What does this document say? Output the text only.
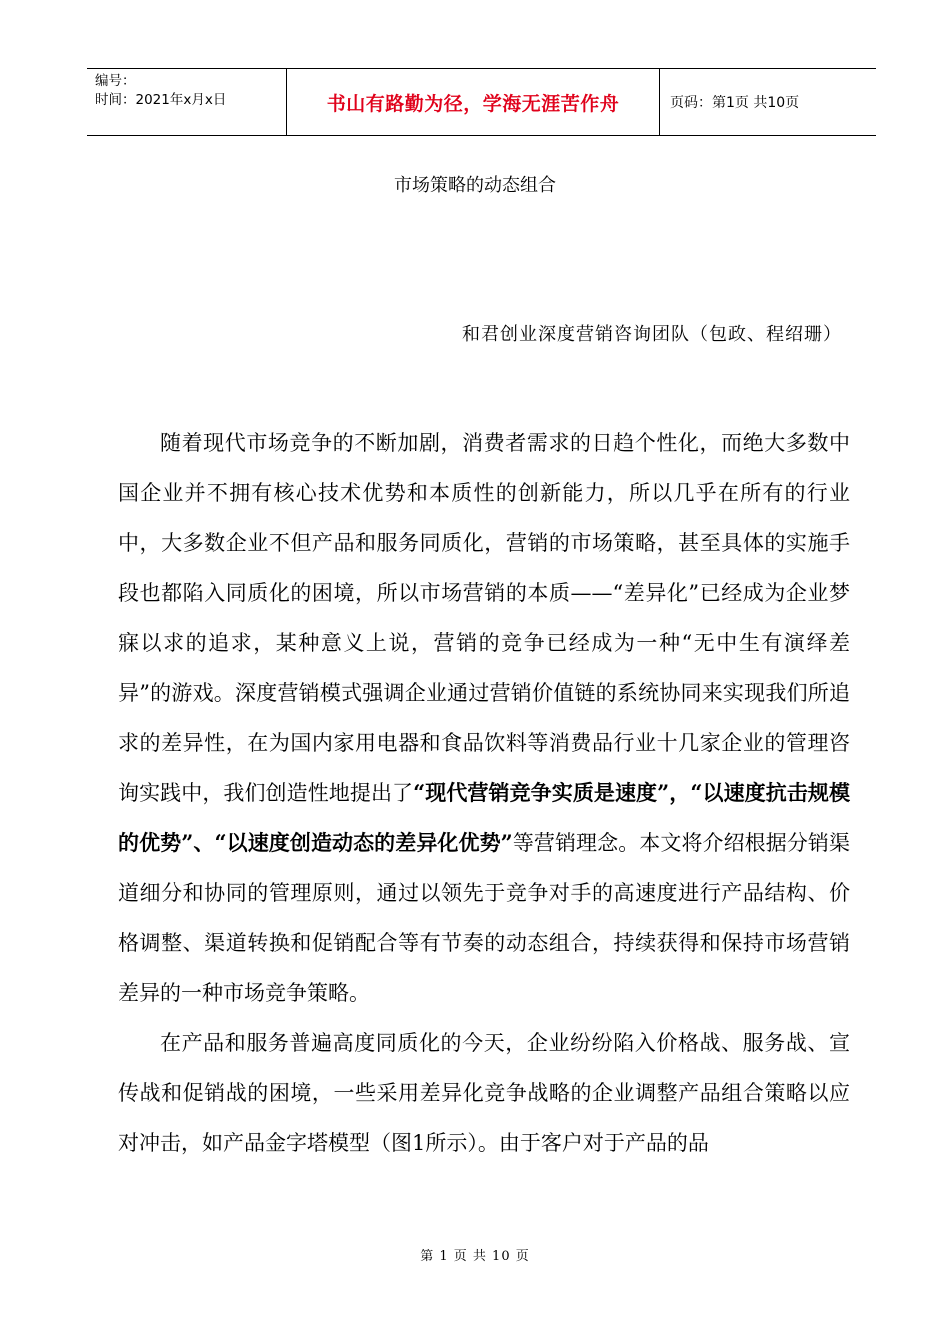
编号：
时间：2021年x月x日	书山有路勤为径，学海无涯苦作舟	页码：第1页 共10页
市场策略的动态组合
和君创业深度营销咨询团队（包政、程绍珊）

随着现代市场竞争的不断加剧，消费者需求的日趋个性化，而绝大多数中国企业并不拥有核心技术优势和本质性的创新能力，所以几乎在所有的行业中，大多数企业不但产品和服务同质化，营销的市场策略，甚至具体的实施手段也都陷入同质化的困境，所以市场营销的本质——“差异化”已经成为企业梦寐以求的追求，某种意义上说，营销的竞争已经成为一种“无中生有演绎差异”的游戏。深度营销模式强调企业通过营销价值链的系统协同来实现我们所追求的差异性，在为国内家用电器和食品饮料等消费品行业十几家企业的管理咨询实践中，我们创造性地提出了“现代营销竞争实质是速度”，“以速度抗击规模的优势”、“以速度创造动态的差异化优势”等营销理念。本文将介绍根据分销渠道细分和协同的管理原则，通过以领先于竞争对手的高速度进行产品结构、价格调整、渠道转换和促销配合等有节奏的动态组合，持续获得和保持市场营销差异的一种市场竞争策略。

在产品和服务普遍高度同质化的今天，企业纷纷陷入价格战、服务战、宣传战和促销战的困境，一些采用差异化竞争战略的企业调整产品组合策略以应对冲击，如产品金字塔模型（图1所示）。由于客户对于产品的品

第 1 页 共 10 页
